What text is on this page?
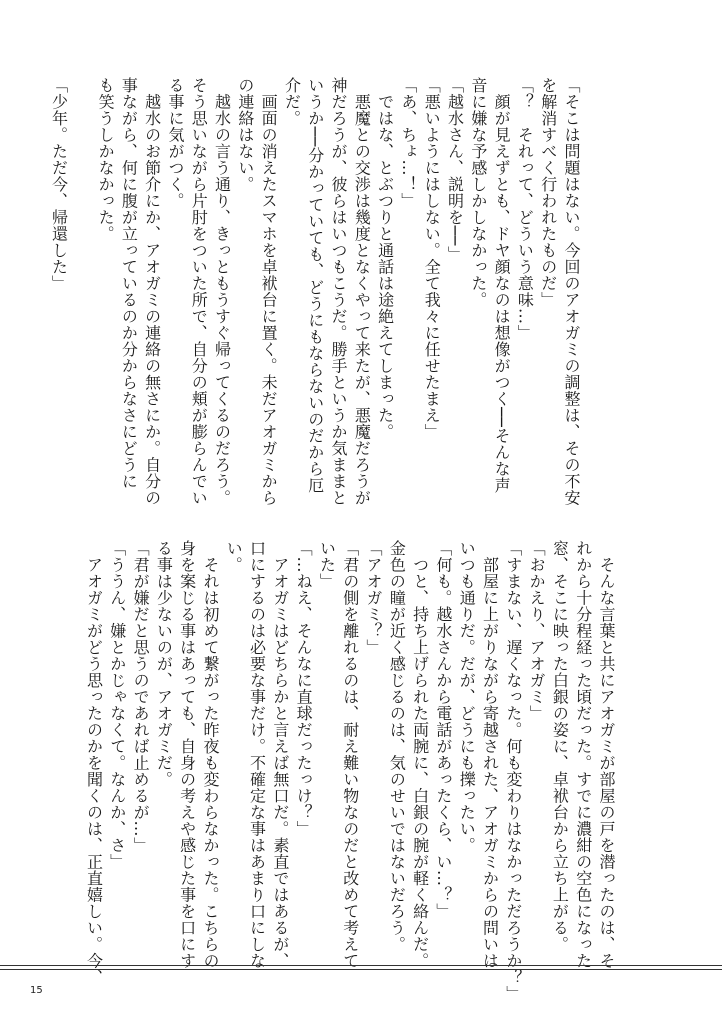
「そこは問題はない。今回のアオガミの調整は、その不安

を解消すべく行われたものだ」

「？　それって、どういう意味…」

　顔が見えずとも、ドヤ顔なのは想像がつく──そんな声

音に嫌な予感しかしなかった。

「越水さん、説明を──」

「悪いようにはしない。全て我々に任せたまえ」

「あ、ちょ…！」

　ではな、とぶつりと通話は途絶えてしまった。

　悪魔との交渉は幾度となくやって来たが、悪魔だろうが

神だろうが、彼らはいつもこうだ。勝手というか気ままと

いうか──分かっていても、どうにもならないのだから厄

介だ。

　画面の消えたスマホを卓袱台に置く。未だアオガミから

の連絡はない。

　越水の言う通り、きっともうすぐ帰ってくるのだろう。

そう思いながら片肘をついた所で、自分の頬が膨らんでい

る事に気がつく。

　越水のお節介にか、アオガミの連絡の無さにか。自分の

事ながら、何に腹が立っているのか分からなさにどうに

も笑うしかなかった。

「少年。ただ今、帰還した」

　そんな言葉と共にアオガミが部屋の戸を潜ったのは、そ

れから十分程経った頃だった。すでに濃紺の空色になった

窓、そこに映った白銀の姿に、卓袱台から立ち上がる。

「おかえり、アオガミ」

「すまない、遅くなった。何も変わりはなかっただろうか？」

　部屋に上がりながら寄越された、アオガミからの問いは

いつも通りだ。だが、どうにも擽ったい。

「何も。越水さんから電話があったくら、い…？」

　つと、持ち上げられた両腕に、白銀の腕が軽く絡んだ。

金色の瞳が近く感じるのは、気のせいではないだろう。

「アオガミ？」

「君の側を離れるのは、耐え難い物なのだと改めて考えて

いた」

「…ねえ、そんなに直球だったっけ？」

　アオガミはどちらかと言えば無口だ。素直ではあるが、

口にするのは必要な事だけ。不確定な事はあまり口にしな

い。

　それは初めて繋がった昨夜も変わらなかった。こちらの

身を案じる事はあっても、自身の考えや感じた事を口にす

る事は少ないのが、アオガミだ。

「君が嫌だと思うのであれば止めるが…」

「ううん、嫌とかじゃなくて。なんか、さ」

　アオガミがどう思ったのかを聞くのは、正直嬉しい。今、

15
